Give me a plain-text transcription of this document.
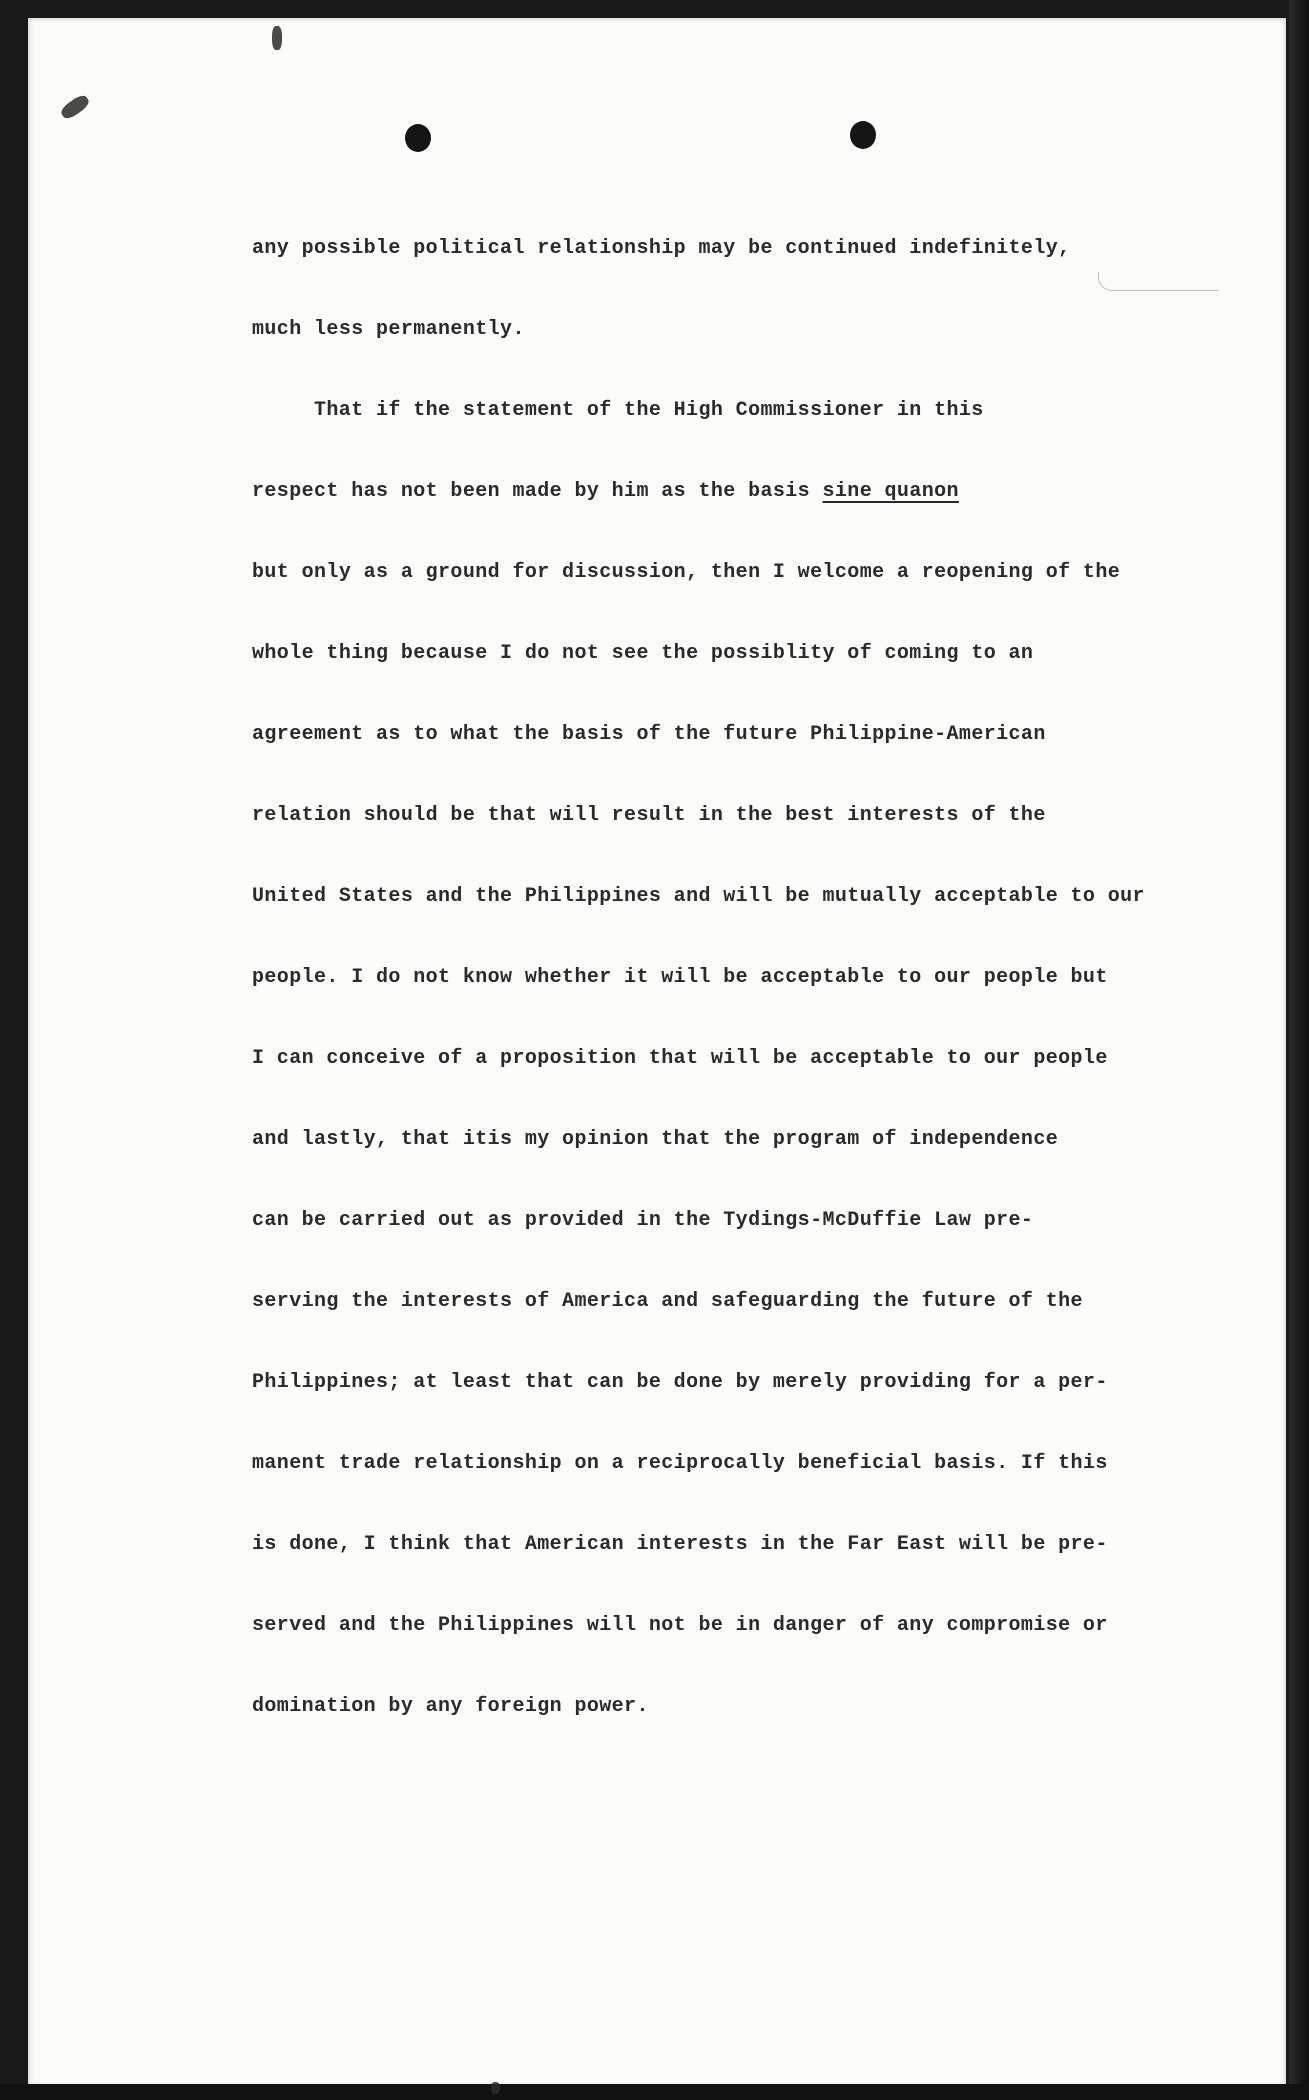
any possible political relationship may be continued indefinitely,
much less permanently.
That if the statement of the High Commissioner in this
respect has not been made by him as the basis sine quanon
but only as a ground for discussion, then I welcome a reopening of the
whole thing because I do not see the possiblity of coming to an
agreement as to what the basis of the future Philippine-American
relation should be that will result in the best interests of the
United States and the Philippines and will be mutually acceptable to our
people. I do not know whether it will be acceptable to our people but
I can conceive of a proposition that will be acceptable to our people
and lastly, that itis my opinion that the program of independence
can be carried out as provided in the Tydings-McDuffie Law pre-
serving the interests of America and safeguarding the future of the
Philippines; at least that can be done by merely providing for a per-
manent trade relationship on a reciprocally beneficial basis. If this
is done, I think that American interests in the Far East will be pre-
served and the Philippines will not be in danger of any compromise or
domination by any foreign power.
